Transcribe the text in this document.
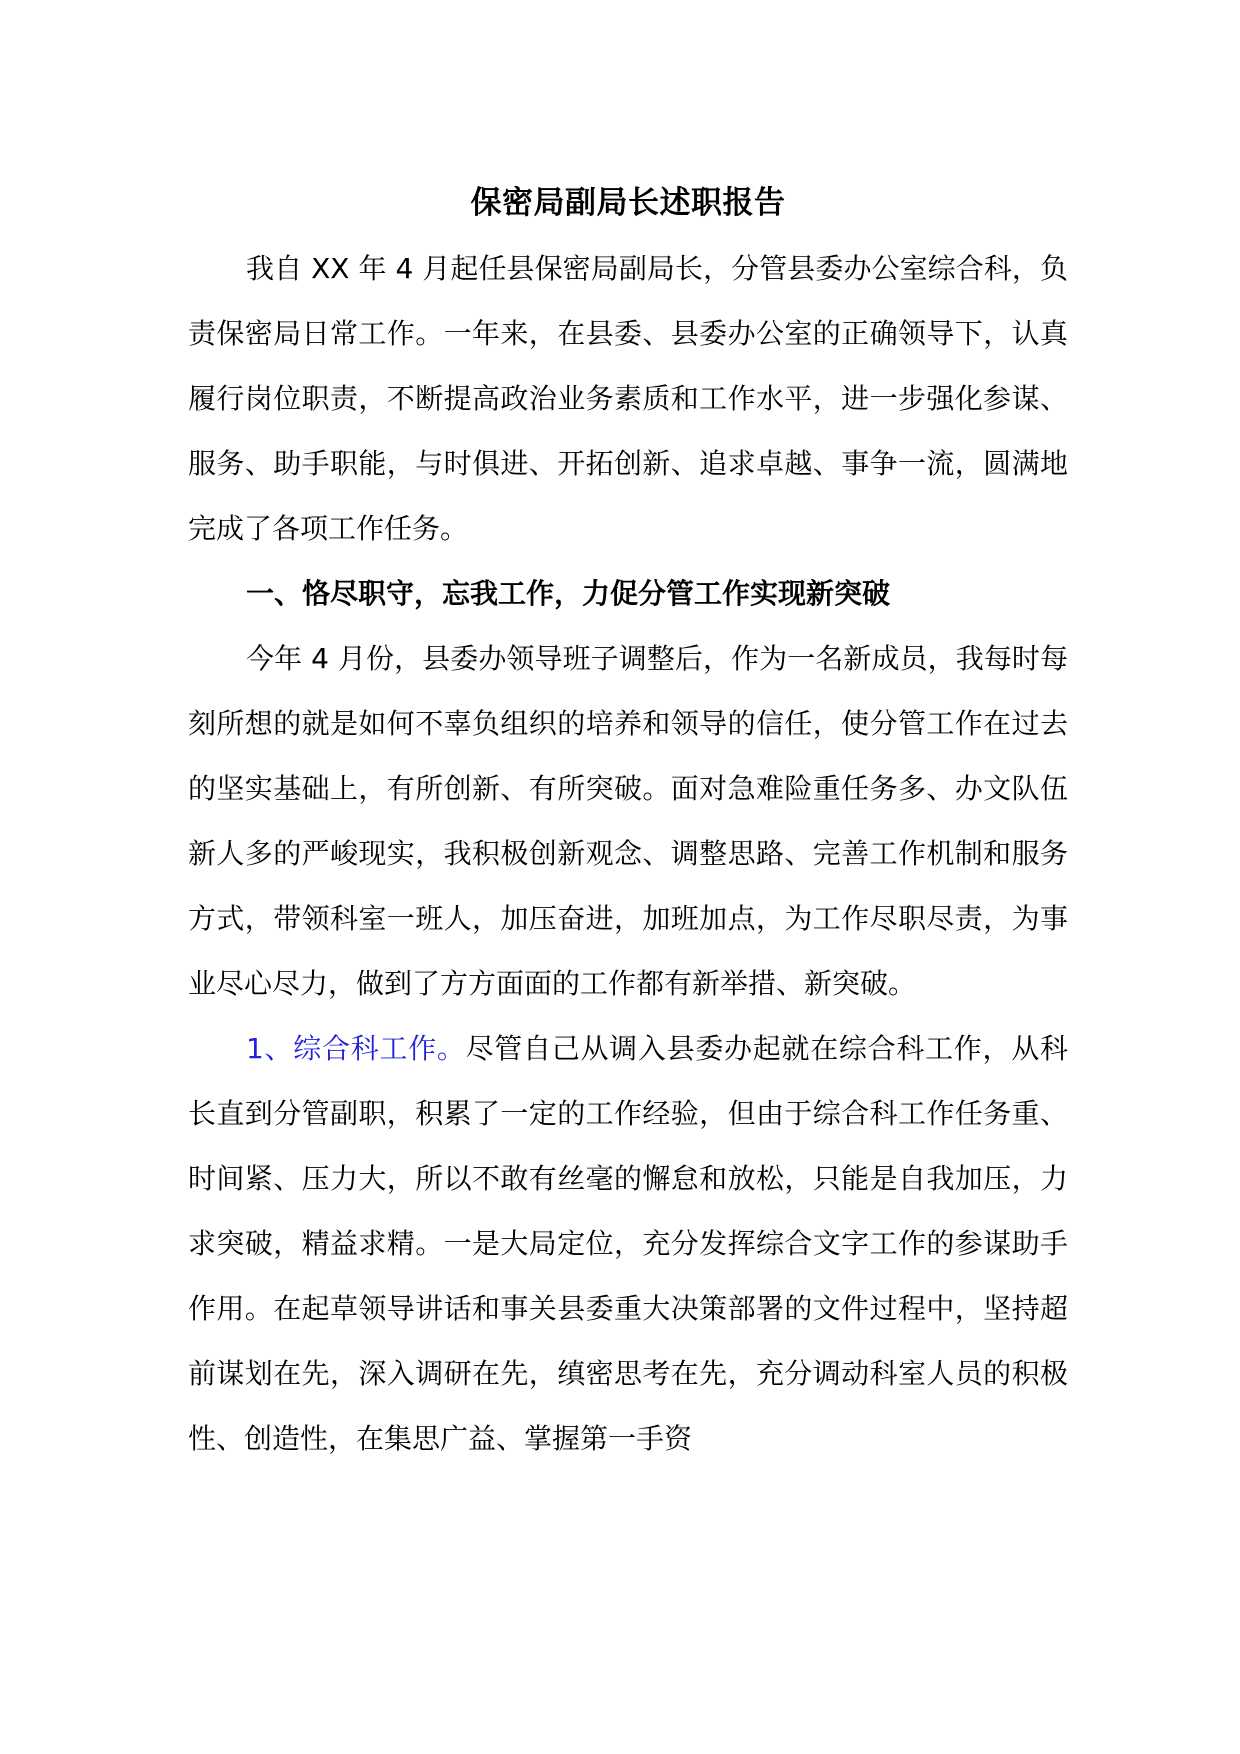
保密局副局长述职报告

我自 XX 年 4 月起任县保密局副局长，分管县委办公室综合科，负责保密局日常工作。一年来，在县委、县委办公室的正确领导下，认真履行岗位职责，不断提高政治业务素质和工作水平，进一步强化参谋、服务、助手职能，与时俱进、开拓创新、追求卓越、事争一流，圆满地完成了各项工作任务。

一、恪尽职守，忘我工作，力促分管工作实现新突破

今年 4 月份，县委办领导班子调整后，作为一名新成员，我每时每刻所想的就是如何不辜负组织的培养和领导的信任，使分管工作在过去的坚实基础上，有所创新、有所突破。面对急难险重任务多、办文队伍新人多的严峻现实，我积极创新观念、调整思路、完善工作机制和服务方式，带领科室一班人，加压奋进，加班加点，为工作尽职尽责，为事业尽心尽力，做到了方方面面的工作都有新举措、新突破。

1、综合科工作。尽管自己从调入县委办起就在综合科工作，从科长直到分管副职，积累了一定的工作经验，但由于综合科工作任务重、时间紧、压力大，所以不敢有丝毫的懈怠和放松，只能是自我加压，力求突破，精益求精。一是大局定位，充分发挥综合文字工作的参谋助手作用。在起草领导讲话和事关县委重大决策部署的文件过程中，坚持超前谋划在先，深入调研在先，缜密思考在先，充分调动科室人员的积极性、创造性，在集思广益、掌握第一手资
